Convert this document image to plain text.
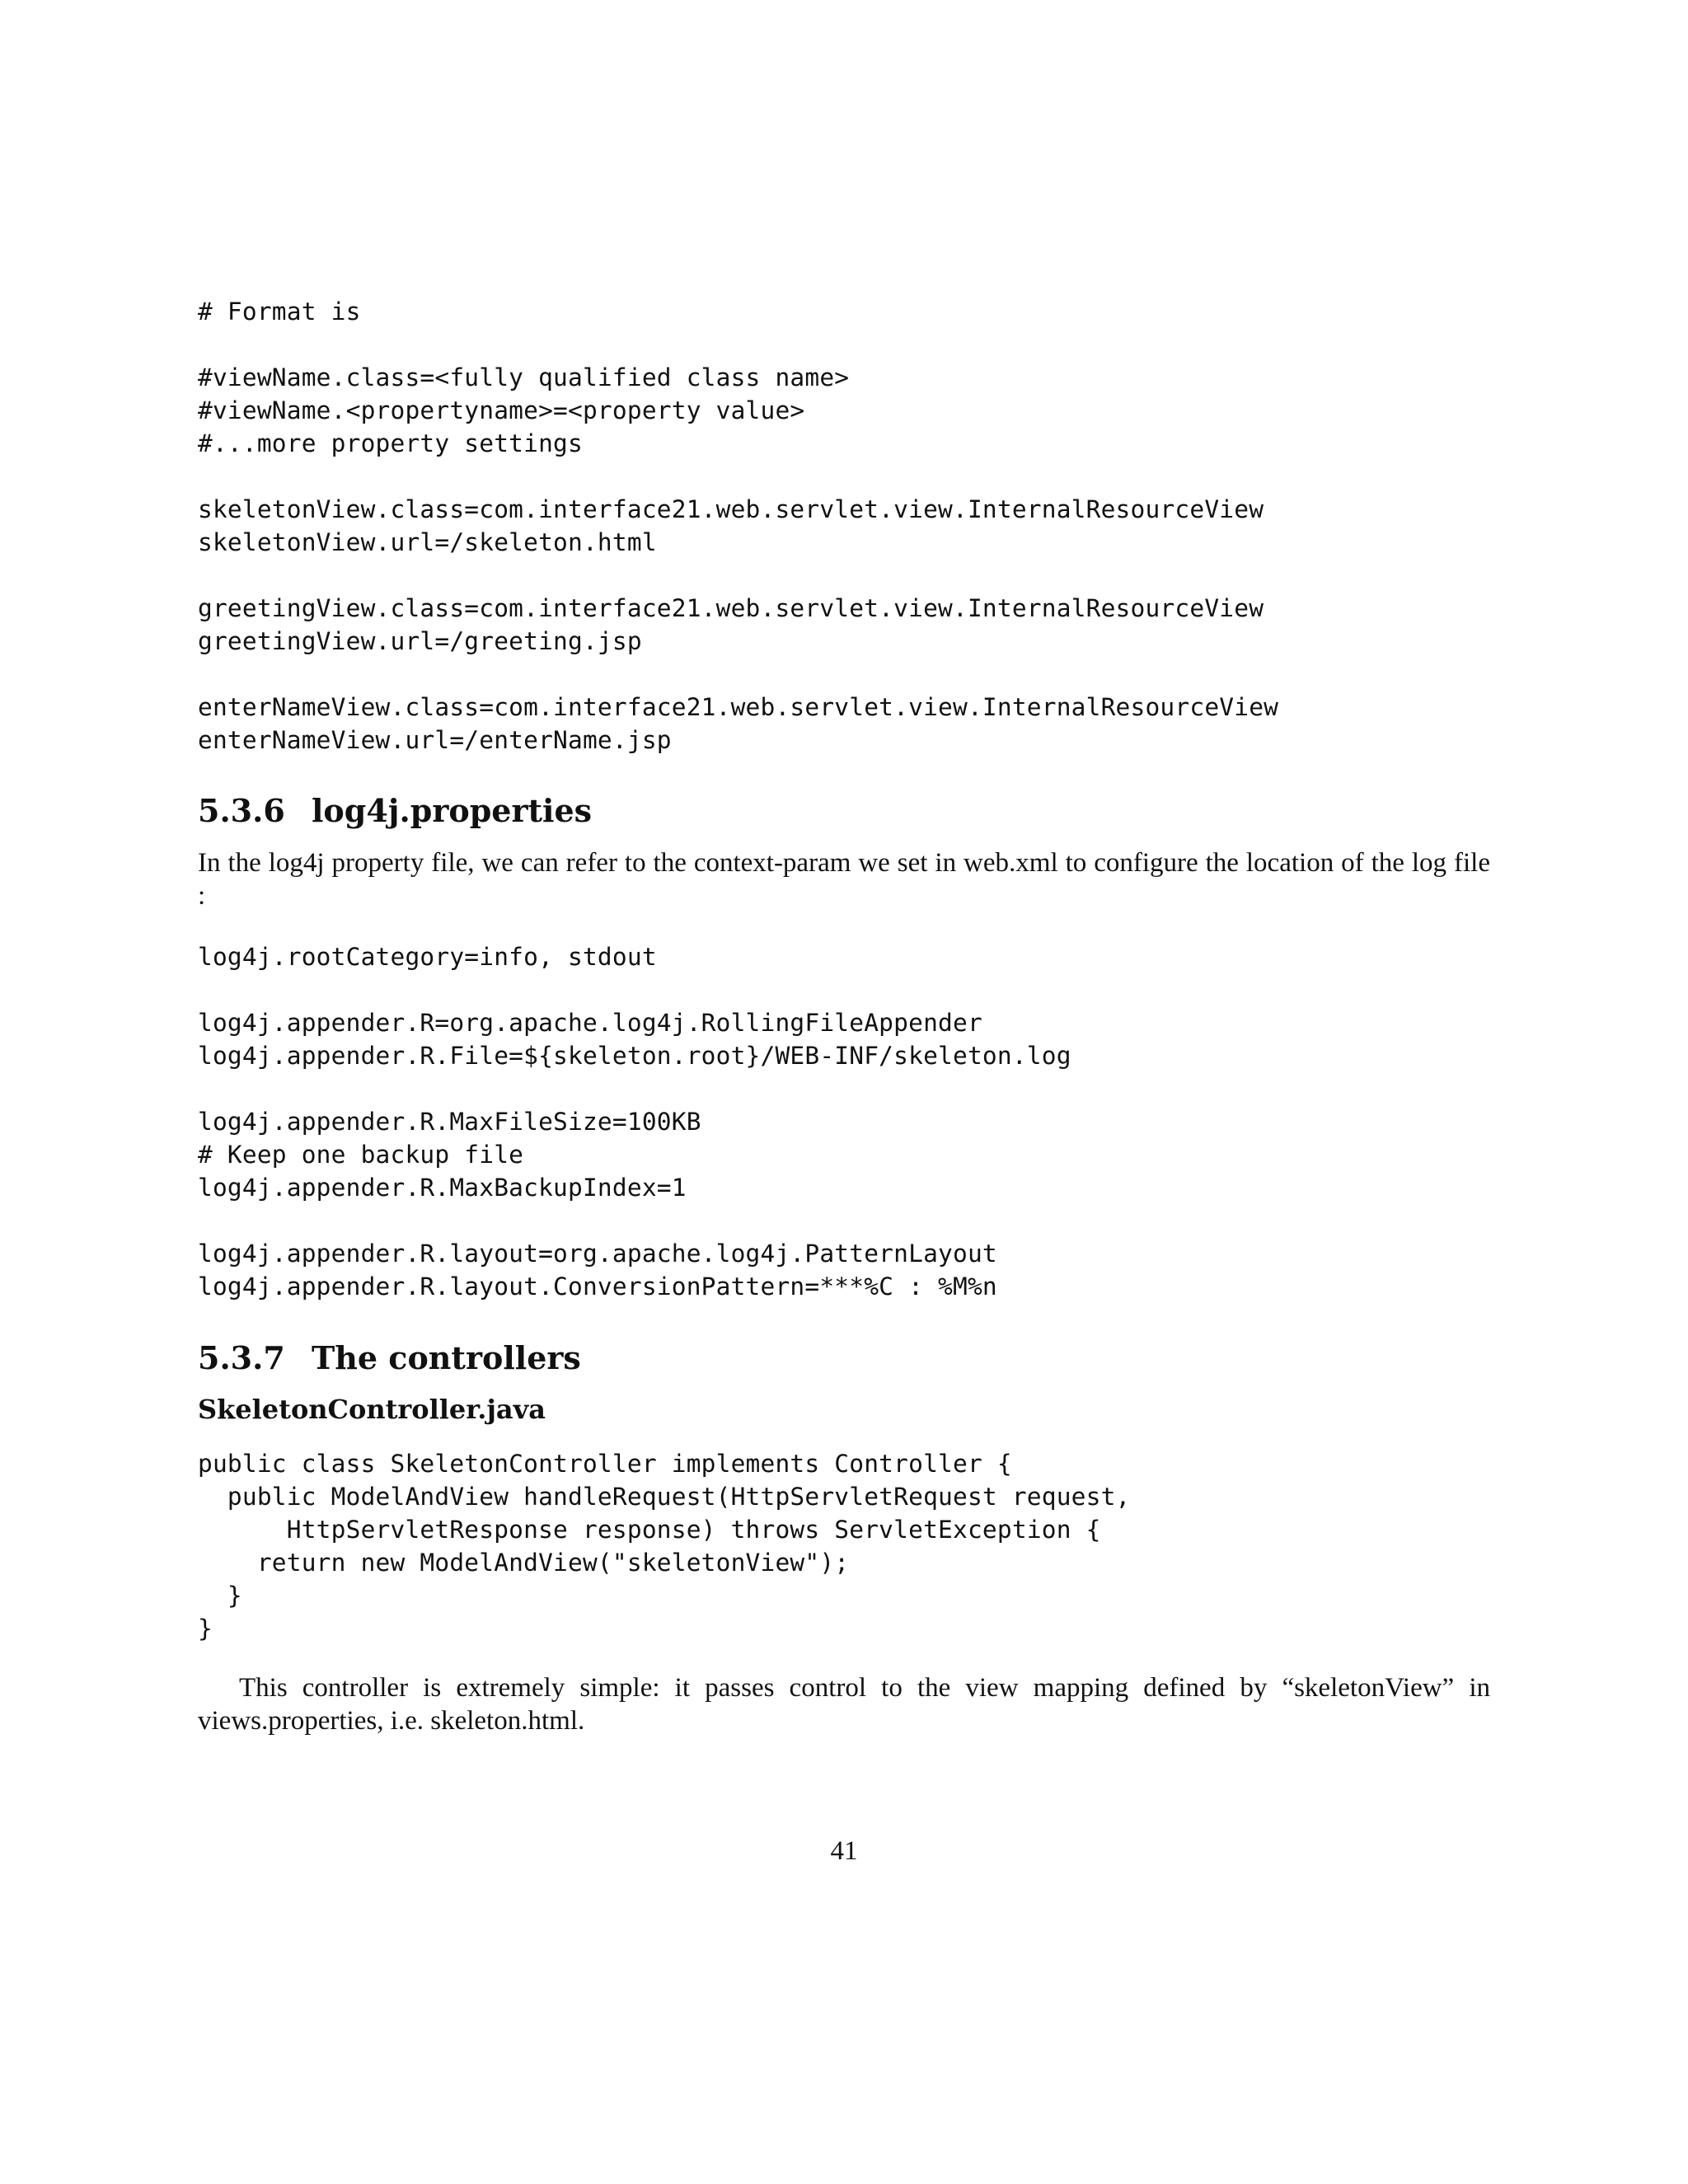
# Format is

#viewName.class=<fully qualified class name>
#viewName.<propertyname>=<property value>
#...more property settings

skeletonView.class=com.interface21.web.servlet.view.InternalResourceView
skeletonView.url=/skeleton.html

greetingView.class=com.interface21.web.servlet.view.InternalResourceView
greetingView.url=/greeting.jsp

enterNameView.class=com.interface21.web.servlet.view.InternalResourceView
enterNameView.url=/enterName.jsp
5.3.6 log4j.properties

In the log4j property file, we can refer to the context-param we set in web.xml to configure the location of the log file :

log4j.rootCategory=info, stdout

log4j.appender.R=org.apache.log4j.RollingFileAppender
log4j.appender.R.File=${skeleton.root}/WEB-INF/skeleton.log

log4j.appender.R.MaxFileSize=100KB
# Keep one backup file
log4j.appender.R.MaxBackupIndex=1

log4j.appender.R.layout=org.apache.log4j.PatternLayout
log4j.appender.R.layout.ConversionPattern=***%C : %M%n
5.3.7 The controllers
SkeletonController.java
public class SkeletonController implements Controller {
public ModelAndView handleRequest(HttpServletRequest request,
HttpServletResponse response) throws ServletException {
return new ModelAndView("skeletonView");
}
}

This controller is extremely simple: it passes control to the view mapping defined by “skeletonView” in views.properties, i.e. skeleton.html.

41
